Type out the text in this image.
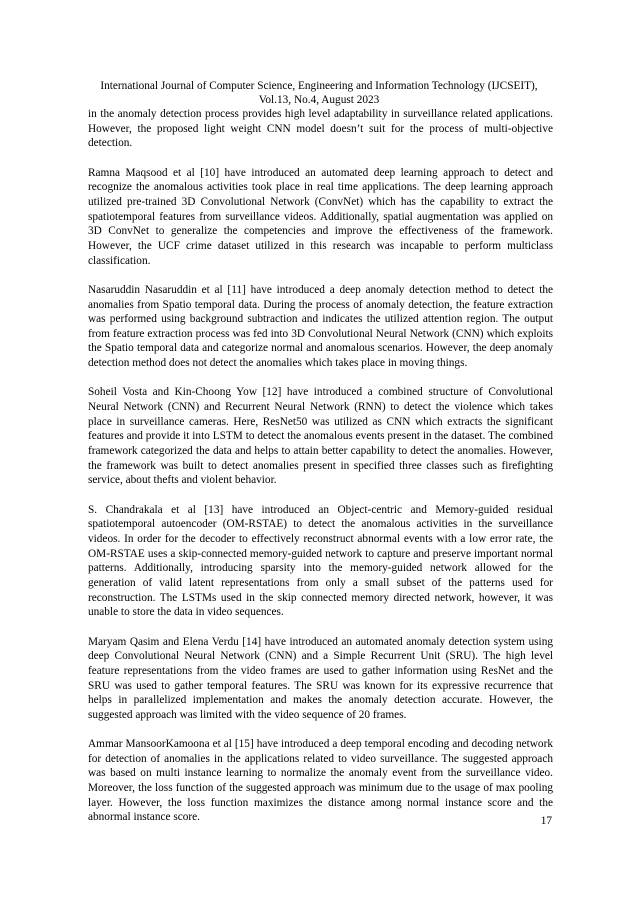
International Journal of Computer Science, Engineering and Information Technology (IJCSEIT),
Vol.13, No.4, August 2023

in the anomaly detection process provides high level adaptability in surveillance related applications. However, the proposed light weight CNN model doesn’t suit for the process of multi-objective detection.

Ramna Maqsood et al [10] have introduced an automated deep learning approach to detect and recognize the anomalous activities took place in real time applications. The deep learning approach utilized pre-trained 3D Convolutional Network (ConvNet) which has the capability to extract the spatiotemporal features from surveillance videos. Additionally, spatial augmentation was applied on 3D ConvNet to generalize the competencies and improve the effectiveness of the framework. However, the UCF crime dataset utilized in this research was incapable to perform multiclass classification.

Nasaruddin Nasaruddin et al [11] have introduced a deep anomaly detection method to detect the anomalies from Spatio temporal data. During the process of anomaly detection, the feature extraction was performed using background subtraction and indicates the utilized attention region. The output from feature extraction process was fed into 3D Convolutional Neural Network (CNN) which exploits the Spatio temporal data and categorize normal and anomalous scenarios. However, the deep anomaly detection method does not detect the anomalies which takes place in moving things.

Soheil Vosta and Kin-Choong Yow [12] have introduced a combined structure of Convolutional Neural Network (CNN) and Recurrent Neural Network (RNN) to detect the violence which takes place in surveillance cameras. Here, ResNet50 was utilized as CNN which extracts the significant features and provide it into LSTM to detect the anomalous events present in the dataset. The combined framework categorized the data and helps to attain better capability to detect the anomalies. However, the framework was built to detect anomalies present in specified three classes such as firefighting service, about thefts and violent behavior.

S. Chandrakala et al [13] have introduced an Object-centric and Memory-guided residual spatiotemporal autoencoder (OM-RSTAE) to detect the anomalous activities in the surveillance videos. In order for the decoder to effectively reconstruct abnormal events with a low error rate, the OM-RSTAE uses a skip-connected memory-guided network to capture and preserve important normal patterns. Additionally, introducing sparsity into the memory-guided network allowed for the generation of valid latent representations from only a small subset of the patterns used for reconstruction. The LSTMs used in the skip connected memory directed network, however, it was unable to store the data in video sequences.

Maryam Qasim and Elena Verdu [14] have introduced an automated anomaly detection system using deep Convolutional Neural Network (CNN) and a Simple Recurrent Unit (SRU). The high level feature representations from the video frames are used to gather information using ResNet and the SRU was used to gather temporal features. The SRU was known for its expressive recurrence that helps in parallelized implementation and makes the anomaly detection accurate. However, the suggested approach was limited with the video sequence of 20 frames.

Ammar MansoorKamoona et al [15] have introduced a deep temporal encoding and decoding network for detection of anomalies in the applications related to video surveillance. The suggested approach was based on multi instance learning to normalize the anomaly event from the surveillance video. Moreover, the loss function of the suggested approach was minimum due to the usage of max pooling layer. However, the loss function maximizes the distance among normal instance score and the abnormal instance score.	17
